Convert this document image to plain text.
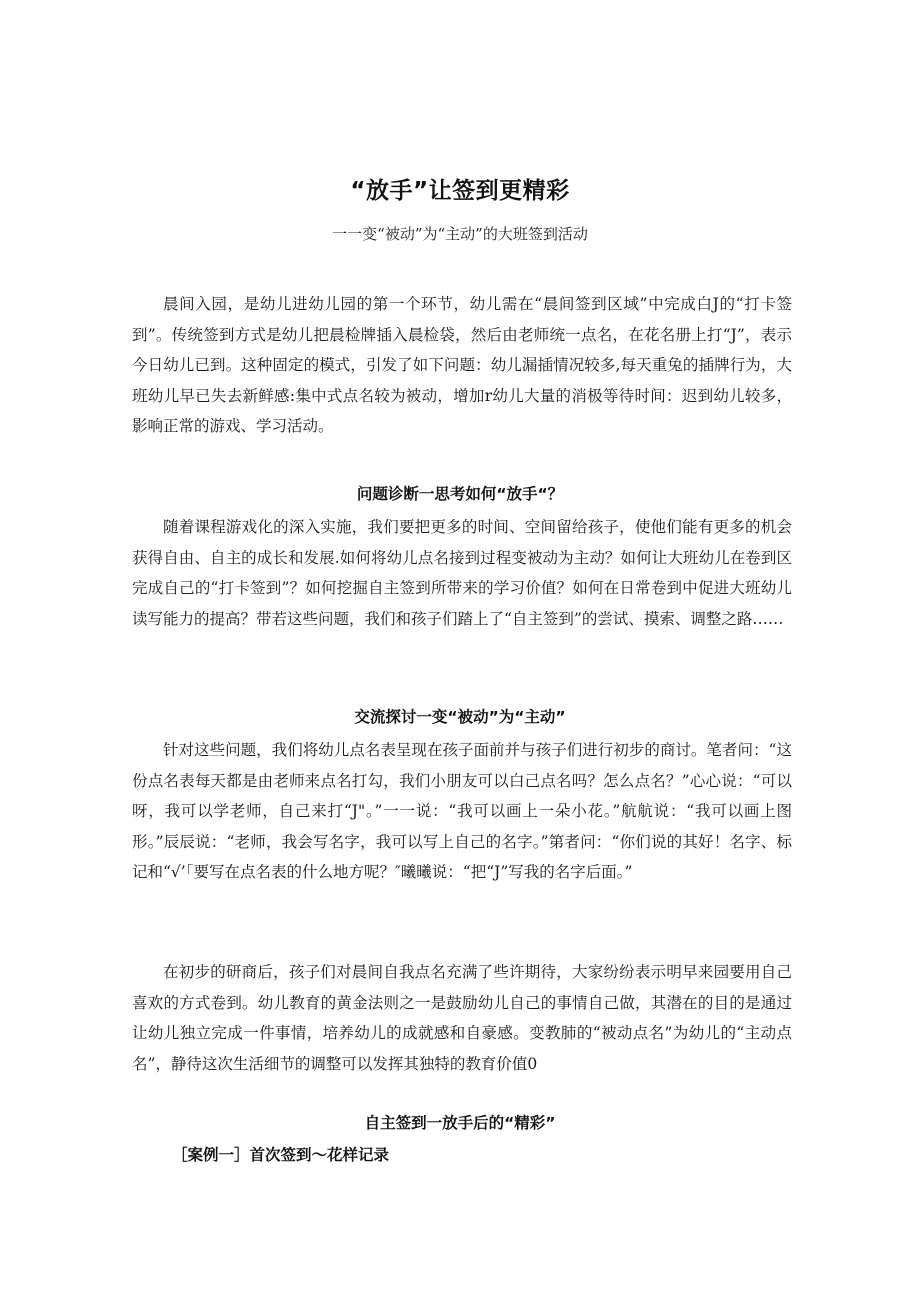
“放手”让签到更精彩
一一变“被动”为“主动”的大班签到活动

晨间入园，是幼儿进幼儿园的第一个环节，幼儿需在“晨间签到区域”中完成白J的“打卡签到”。传统签到方式是幼儿把晨检牌插入晨检袋，然后由老师统一点名，在花名册上打“J”，表示今日幼儿已到。这种固定的模式，引发了如下问题：幼儿漏插情况较多,每天重兔的插牌行为，大班幼儿早已失去新鲜感:集中式点名较为被动，增加r幼儿大量的消极等待时间：迟到幼儿较多，影响正常的游戏、学习活动。

问题诊断一思考如何“放手“？

随着课程游戏化的深入实施，我们要把更多的时间、空间留给孩子，使他们能有更多的机会获得自由、自主的成长和发展.如何将幼儿点名接到过程变被动为主动？如何让大班幼儿在卷到区完成自己的“打卡签到”？如何挖掘自主签到所带来的学习价值？如何在日常卷到中促进大班幼儿读写能力的提高？带若这些问题，我们和孩子们踏上了“自主签到”的尝试、摸索、调整之路……

交流探讨一变“被动”为“主动”

针对这些问题，我们将幼儿点名表呈现在孩子面前并与孩子们进行初步的商讨。笔者问：“这份点名表每天都是由老师来点名打勾，我们小朋友可以白己点名吗？怎么点名？”心心说：“可以呀，我可以学老师，自己来打“J"。”一一说：“我可以画上一朵小花。”航航说：“我可以画上图形。”辰辰说：“老师，我会写名字，我可以写上自己的名字。”第者问：“你们说的其好！名字、标记和“√’「要写在点名表的什么地方呢？″曦曦说：“把“J”写我的名字后面。”

在初步的研商后，孩子们对晨间自我点名充满了些许期待，大家纷纷表示明早来园要用自己喜欢的方式卷到。幼儿教育的黄金法则之一是鼓励幼儿自己的事情自己做，其潜在的目的是通过让幼儿独立完成一件事情，培养幼儿的成就感和自豪感。变教肺的“被动点名”为幼儿的“主动点名”，静待这次生活细节的调整可以发挥其独特的教育价值0

自主签到一放手后的“精彩”

［案例一］首次签到〜花样记录
